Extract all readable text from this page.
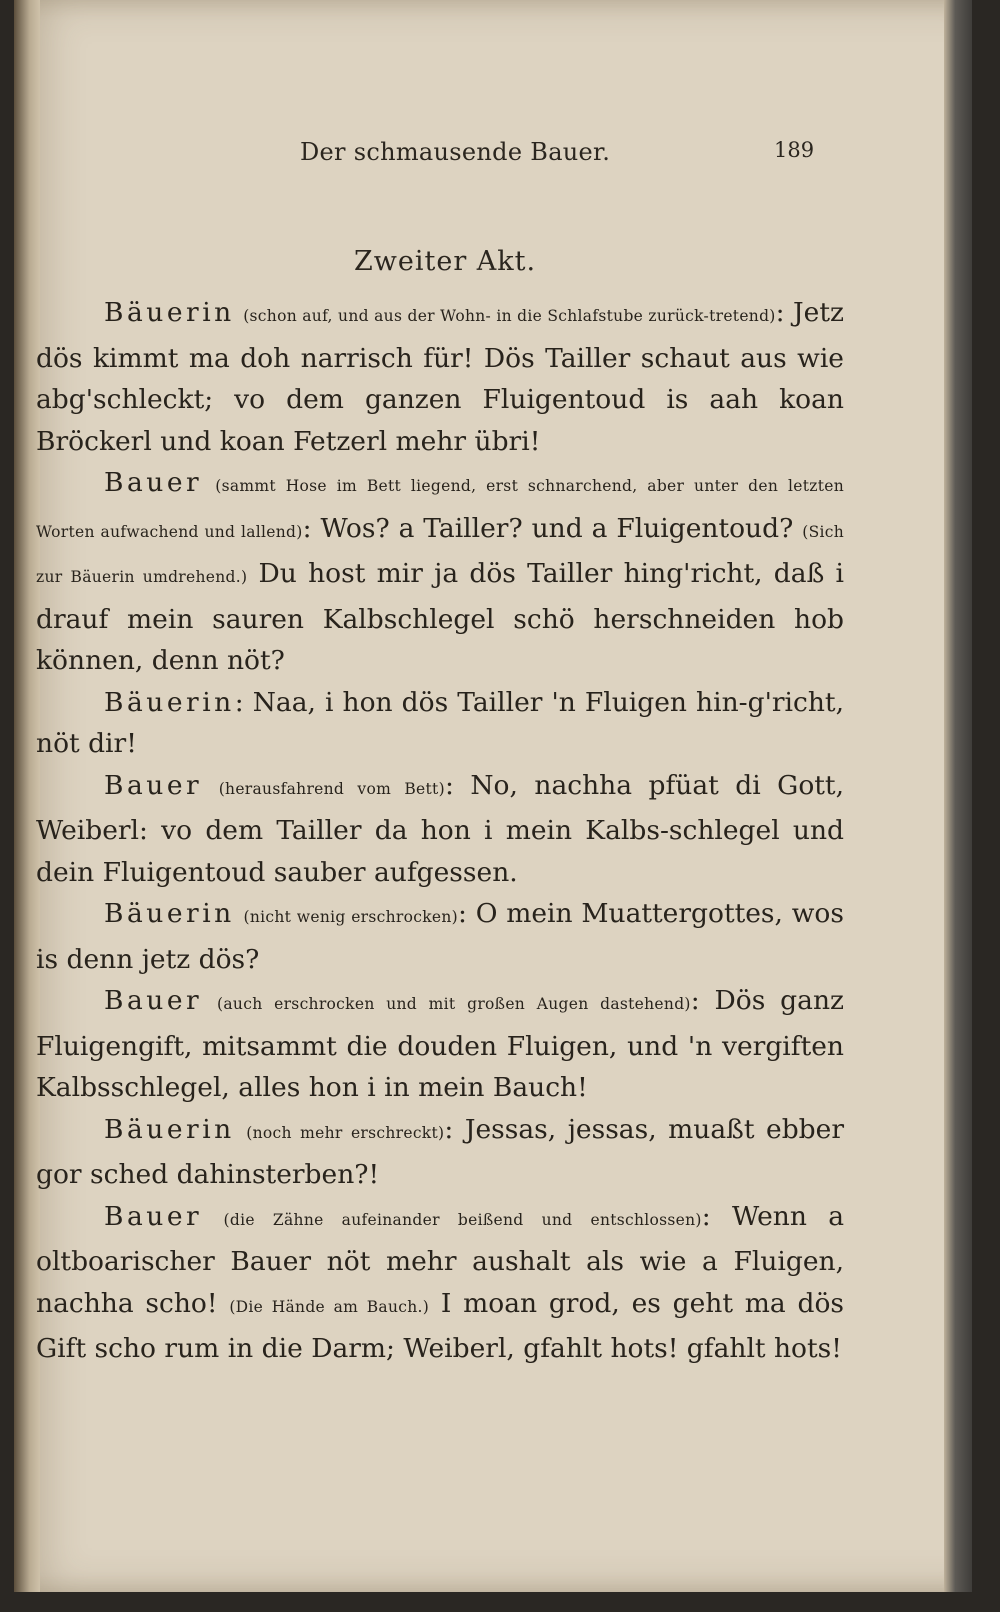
Der schmausende Bauer.	189
Zweiter Akt.

Bäuerin (schon auf, und aus der Wohn- in die Schlafstube zurück-tretend): Jetz dös kimmt ma doh narrisch für! Dös Tailler schaut aus wie abg'schleckt; vo dem ganzen Fluigentoud is aah koan Bröckerl und koan Fetzerl mehr übri!

Bauer (sammt Hose im Bett liegend, erst schnarchend, aber unter den letzten Worten aufwachend und lallend): Wos? a Tailler? und a Fluigentoud? (Sich zur Bäuerin umdrehend.) Du host mir ja dös Tailler hing'richt, daß i drauf mein sauren Kalbschlegel schö herschneiden hob können, denn nöt?

Bäuerin: Naa, i hon dös Tailler 'n Fluigen hin-g'richt, nöt dir!

Bauer (herausfahrend vom Bett): No, nachha pfüat di Gott, Weiberl: vo dem Tailler da hon i mein Kalbs-schlegel und dein Fluigentoud sauber aufgessen.

Bäuerin (nicht wenig erschrocken): O mein Muattergottes, wos is denn jetz dös?

Bauer (auch erschrocken und mit großen Augen dastehend): Dös ganz Fluigengift, mitsammt die douden Fluigen, und 'n vergiften Kalbsschlegel, alles hon i in mein Bauch!

Bäuerin (noch mehr erschreckt): Jessas, jessas, muaßt ebber gor sched dahinsterben?!

Bauer (die Zähne aufeinander beißend und entschlossen): Wenn a oltboarischer Bauer nöt mehr aushalt als wie a Fluigen, nachha scho! (Die Hände am Bauch.) I moan grod, es geht ma dös Gift scho rum in die Darm; Weiberl, gfahlt hots! gfahlt hots!
